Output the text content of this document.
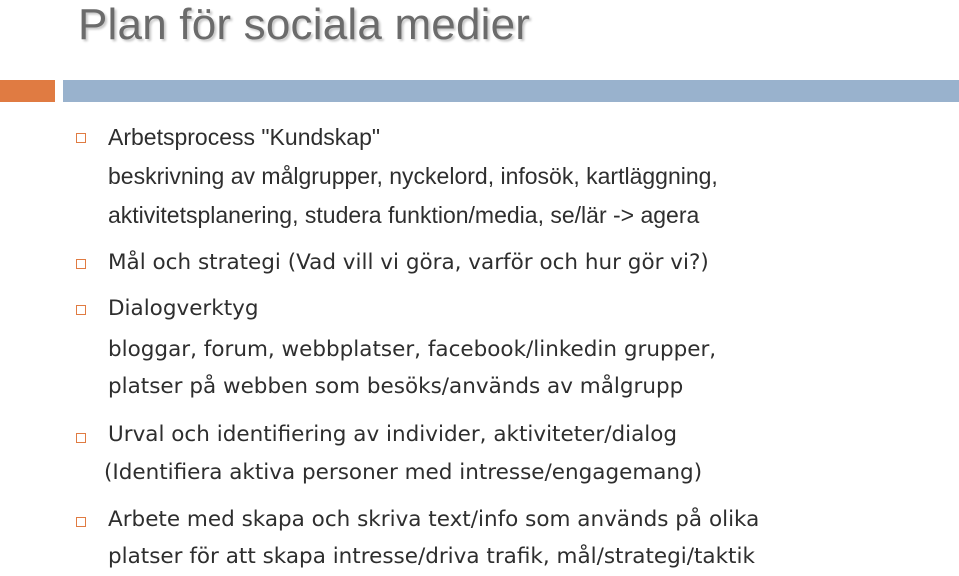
Plan för sociala medier
Arbetsprocess "Kundskap"
beskrivning av målgrupper, nyckelord, infosök, kartläggning,
aktivitetsplanering, studera funktion/media, se/lär -> agera
Mål och strategi (Vad vill vi göra, varför och hur gör vi?)
Dialogverktyg
bloggar, forum, webbplatser, facebook/linkedin grupper,
platser på webben som besöks/används av målgrupp
Urval och identifiering av individer, aktiviteter/dialog
(Identifiera aktiva personer med intresse/engagemang)
Arbete med skapa och skriva text/info som används på olika
platser för att skapa intresse/driva trafik, mål/strategi/taktik
